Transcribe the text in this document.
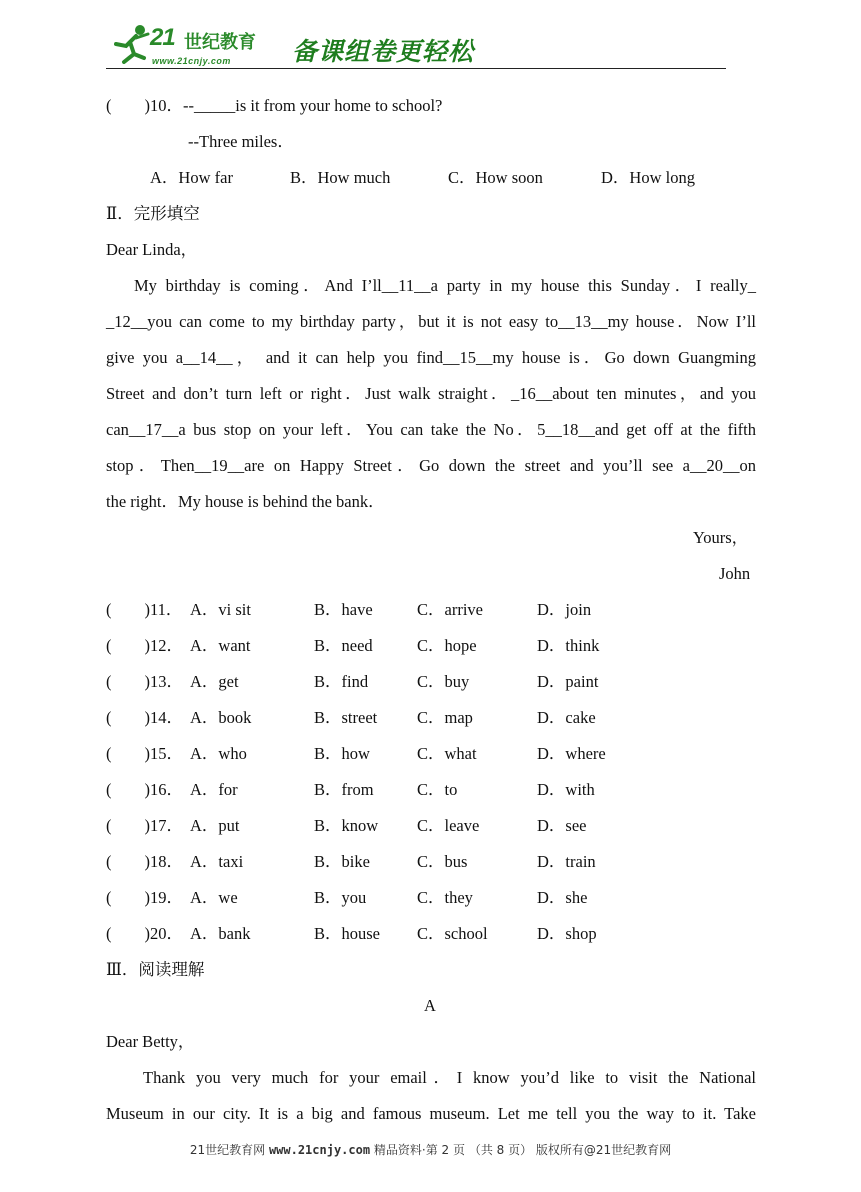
21 世纪教育
www.21cnjy.com 备课组卷更轻松
(        )10．--_____is it from your home to school?
--Three miles．
A．How far	B．How much	C．How soon	D．How long
Ⅱ．完形填空
Dear Linda，
My birthday is coming．And I’ll__11__a party in my house this Sunday．I really_
_12__you can come to my birthday party，but it is not easy to__13__my house．Now I’ll
give you a__14__， and it can help you find__15__my house is．Go down Guangming
Street and don’t turn left or right．Just walk straight．_16__about ten minutes，and you
can__17__a bus stop on your left．You can take the No．5__18__and get off at the fifth
stop．Then__19__are on Happy Street．Go down the street and you’ll see a__20__on
the right．My house is behind the bank．
Yours，
John
(        )11． A．vi sit	B．have	C．arrive	D．join
(        )12． A．want	B．need	C．hope	D．think
(        )13． A．get	B．find	C．buy	D．paint
(        )14． A．book	B．street C．map	D．cake
(        )15． A．who	B．how	C．what	D．where
(        )16． A．for	B．from	C．to	D．with
(        )17． A．put	B．know C．leave	D．see
(        )18． A．taxi	B．bike	C．bus	D．train
(        )19． A．we	B．you	C．they	D．she
(        )20． A．bank	B．house C．school	D．shop
Ⅲ．阅读理解
A
Dear Betty，
Thank you very much for your email．I know you’d like to visit the National
Museum in our city. It is a big and famous museum. Let me tell you the way to it. Take
21世纪教育网 www.21cnjy.com 精品资料·第 2 页 （共 8 页） 版权所有@21世纪教育网
